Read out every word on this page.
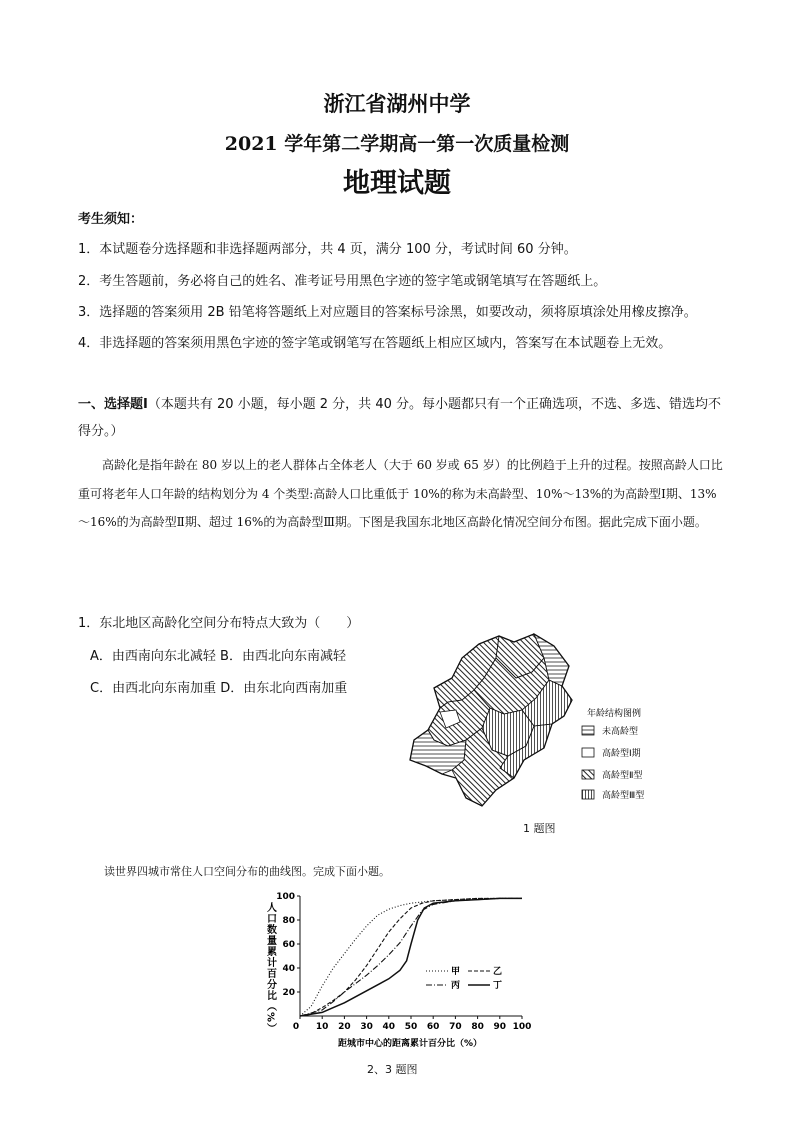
浙江省湖州中学
2021 学年第二学期高一第一次质量检测
地理试题
考生须知：
1．本试题卷分选择题和非选择题两部分，共 4 页，满分 100 分，考试时间 60 分钟。
2．考生答题前，务必将自己的姓名、准考证号用黑色字迹的签字笔或钢笔填写在答题纸上。
3．选择题的答案须用 2B 铅笔将答题纸上对应题目的答案标号涂黑，如要改动，须将原填涂处用橡皮擦净。
4．非选择题的答案须用黑色字迹的签字笔或钢笔写在答题纸上相应区域内，答案写在本试题卷上无效。
一、选择题Ⅰ（本题共有 20 小题，每小题 2 分，共 40 分。每小题都只有一个正确选项，不选、多选、错选均不得分。）
高龄化是指年龄在 80 岁以上的老人群体占全体老人（大于 60 岁或 65 岁）的比例趋于上升的过程。按照高龄人口比重可将老年人口年龄的结构划分为 4 个类型:高龄人口比重低于 10%的称为未高龄型、10%～13%的为高龄型Ⅰ期、13%～16%的为高龄型Ⅱ期、超过 16%的为高龄型Ⅲ期。下图是我国东北地区高龄化情况空间分布图。据此完成下面小题。
1．东北地区高龄化空间分布特点大致为（　　）
A．由西南向东北减轻 B．由西北向东南减轻
C．由西北向东南加重 D．由东北向西南加重
年龄结构图例
未高龄型
高龄型Ⅰ期
高龄型Ⅱ型
高龄型Ⅲ型
1 题图
读世界四城市常住人口空间分布的曲线图。完成下面小题。
人口数量累计百分比（%） 20
40
60
80
100
0 10 20 30 40 50 60 70 80 90 100
甲	乙
丙	丁
距城市中心的距离累计百分比（%）
2、3 题图
